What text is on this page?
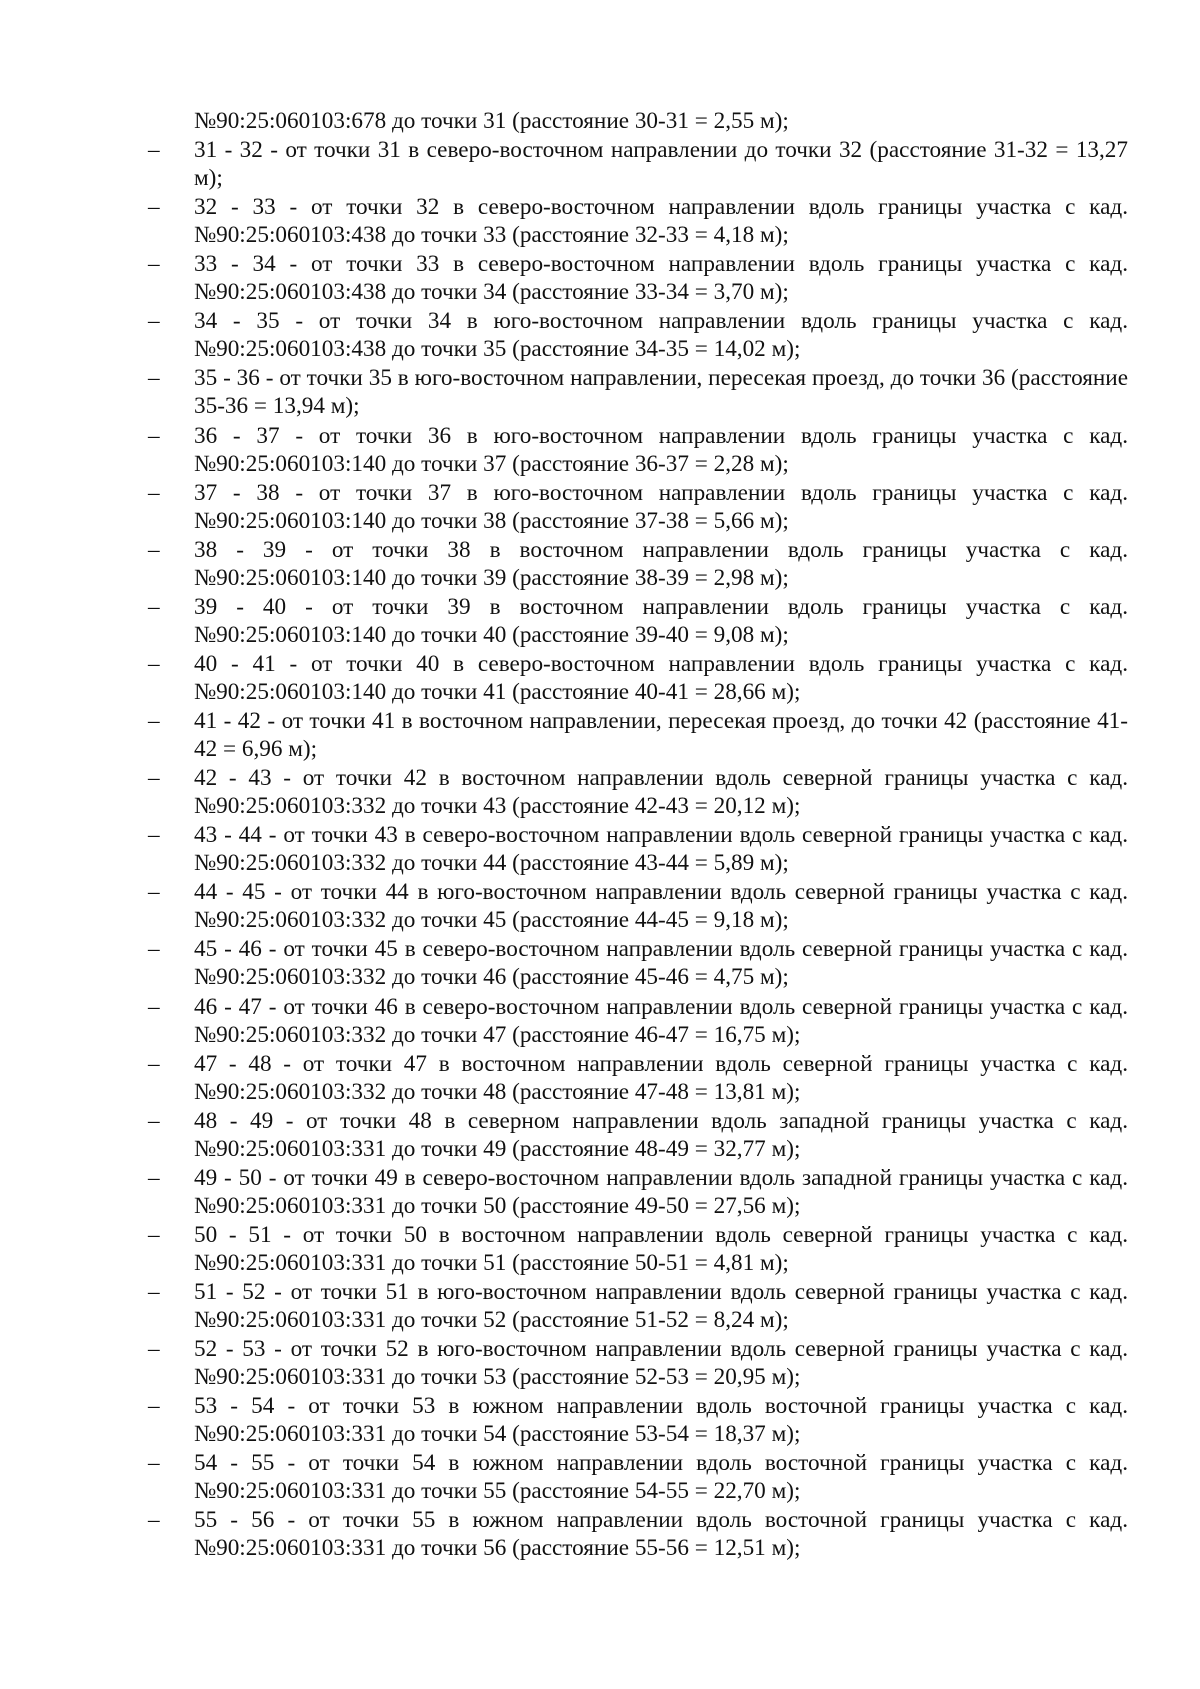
№90:25:060103:678 до точки 31 (расстояние 30-31 = 2,55 м);

–	31 - 32 - от точки 31 в северо-восточном направлении до точки 32 (расстояние 31-32 = 13,27 м);
–	32 - 33 - от точки 32 в северо-восточном направлении вдоль границы участка с кад. №90:25:060103:438 до точки 33 (расстояние 32-33 = 4,18 м);
–	33 - 34 - от точки 33 в северо-восточном направлении вдоль границы участка с кад. №90:25:060103:438 до точки 34 (расстояние 33-34 = 3,70 м);
–	34 - 35 - от точки 34 в юго-восточном направлении вдоль границы участка с кад. №90:25:060103:438 до точки 35 (расстояние 34-35 = 14,02 м);
–	35 - 36 - от точки 35 в юго-восточном направлении, пересекая проезд, до точки 36 (расстояние 35-36 = 13,94 м);
–	36 - 37 - от точки 36 в юго-восточном направлении вдоль границы участка с кад. №90:25:060103:140 до точки 37 (расстояние 36-37 = 2,28 м);
–	37 - 38 - от точки 37 в юго-восточном направлении вдоль границы участка с кад. №90:25:060103:140 до точки 38 (расстояние 37-38 = 5,66 м);
–	38 - 39 - от точки 38 в восточном направлении вдоль границы участка с кад. №90:25:060103:140 до точки 39 (расстояние 38-39 = 2,98 м);
–	39 - 40 - от точки 39 в восточном направлении вдоль границы участка с кад. №90:25:060103:140 до точки 40 (расстояние 39-40 = 9,08 м);
–	40 - 41 - от точки 40 в северо-восточном направлении вдоль границы участка с кад. №90:25:060103:140 до точки 41 (расстояние 40-41 = 28,66 м);
–	41 - 42 - от точки 41 в восточном направлении, пересекая проезд, до точки 42 (расстояние 41-42 = 6,96 м);
–	42 - 43 - от точки 42 в восточном направлении вдоль северной границы участка с кад. №90:25:060103:332 до точки 43 (расстояние 42-43 = 20,12 м);
–	43 - 44 - от точки 43 в северо-восточном направлении вдоль северной границы участка с кад. №90:25:060103:332 до точки 44 (расстояние 43-44 = 5,89 м);
–	44 - 45 - от точки 44 в юго-восточном направлении вдоль северной границы участка с кад. №90:25:060103:332 до точки 45 (расстояние 44-45 = 9,18 м);
–	45 - 46 - от точки 45 в северо-восточном направлении вдоль северной границы участка с кад. №90:25:060103:332 до точки 46 (расстояние 45-46 = 4,75 м);
–	46 - 47 - от точки 46 в северо-восточном направлении вдоль северной границы участка с кад. №90:25:060103:332 до точки 47 (расстояние 46-47 = 16,75 м);
–	47 - 48 - от точки 47 в восточном направлении вдоль северной границы участка с кад. №90:25:060103:332 до точки 48 (расстояние 47-48 = 13,81 м);
–	48 - 49 - от точки 48 в северном направлении вдоль западной границы участка с кад. №90:25:060103:331 до точки 49 (расстояние 48-49 = 32,77 м);
–	49 - 50 - от точки 49 в северо-восточном направлении вдоль западной границы участка с кад. №90:25:060103:331 до точки 50 (расстояние 49-50 = 27,56 м);
–	50 - 51 - от точки 50 в восточном направлении вдоль северной границы участка с кад. №90:25:060103:331 до точки 51 (расстояние 50-51 = 4,81 м);
–	51 - 52 - от точки 51 в юго-восточном направлении вдоль северной границы участка с кад. №90:25:060103:331 до точки 52 (расстояние 51-52 = 8,24 м);
–	52 - 53 - от точки 52 в юго-восточном направлении вдоль северной границы участка с кад. №90:25:060103:331 до точки 53 (расстояние 52-53 = 20,95 м);
–	53 - 54 - от точки 53 в южном направлении вдоль восточной границы участка с кад. №90:25:060103:331 до точки 54 (расстояние 53-54 = 18,37 м);
–	54 - 55 - от точки 54 в южном направлении вдоль восточной границы участка с кад. №90:25:060103:331 до точки 55 (расстояние 54-55 = 22,70 м);
–	55 - 56 - от точки 55 в южном направлении вдоль восточной границы участка с кад. №90:25:060103:331 до точки 56 (расстояние 55-56 = 12,51 м);
